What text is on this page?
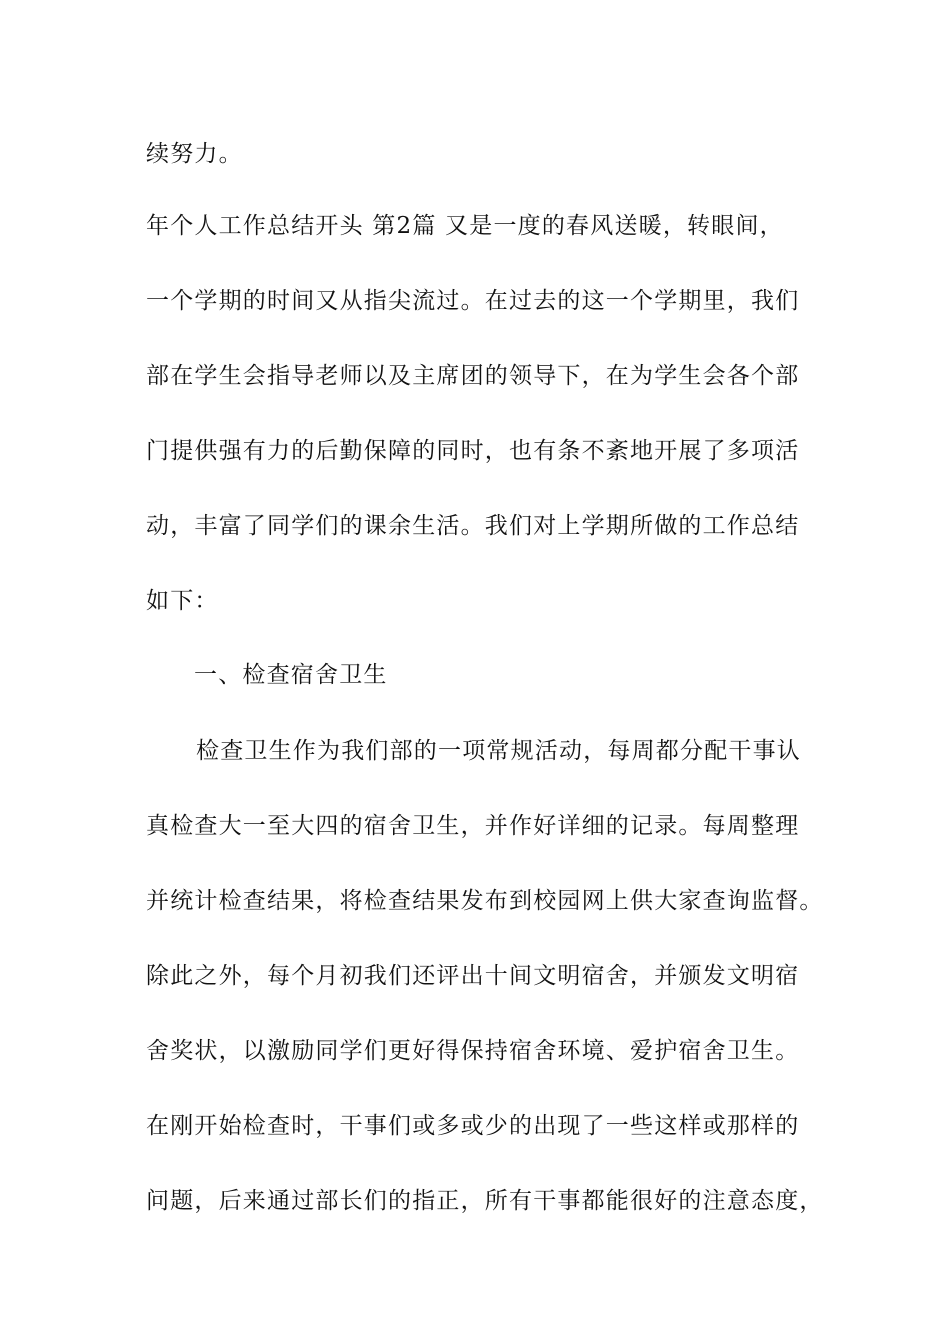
续努力。
年个人工作总结开头 第2篇 又是一度的春风送暖，转眼间，
一个学期的时间又从指尖流过。在过去的这一个学期里，我们
部在学生会指导老师以及主席团的领导下，在为学生会各个部
门提供强有力的后勤保障的同时，也有条不紊地开展了多项活
动，丰富了同学们的课余生活。我们对上学期所做的工作总结
如下：
一、检查宿舍卫生
检查卫生作为我们部的一项常规活动，每周都分配干事认
真检查大一至大四的宿舍卫生，并作好详细的记录。每周整理
并统计检查结果，将检查结果发布到校园网上供大家查询监督。
除此之外，每个月初我们还评出十间文明宿舍，并颁发文明宿
舍奖状，以激励同学们更好得保持宿舍环境、爱护宿舍卫生。
在刚开始检查时，干事们或多或少的出现了一些这样或那样的
问题，后来通过部长们的指正，所有干事都能很好的注意态度，
